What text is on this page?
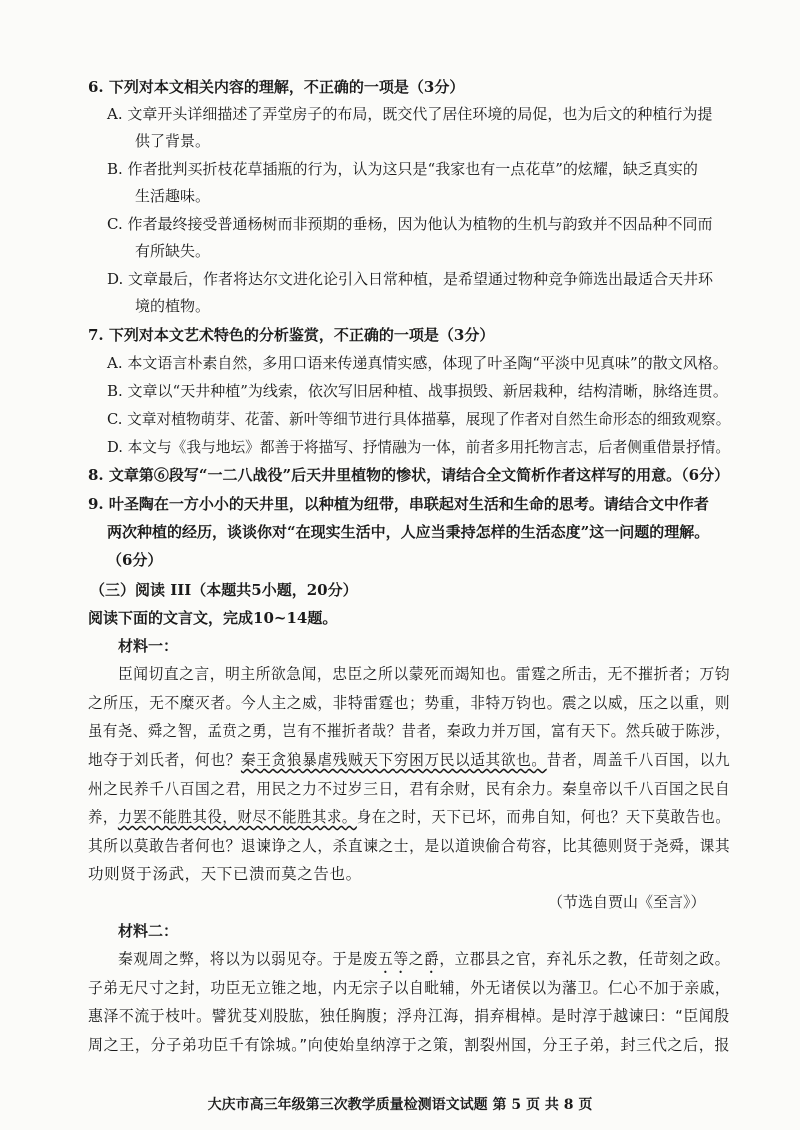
6. 下列对本文相关内容的理解，不正确的一项是（3分）
A. 文章开头详细描述了弄堂房子的布局，既交代了居住环境的局促，也为后文的种植行为提
供了背景。
B. 作者批判买折枝花草插瓶的行为，认为这只是“我家也有一点花草”的炫耀，缺乏真实的
生活趣味。
C. 作者最终接受普通杨树而非预期的垂杨，因为他认为植物的生机与韵致并不因品种不同而
有所缺失。
D. 文章最后，作者将达尔文进化论引入日常种植，是希望通过物种竞争筛选出最适合天井环
境的植物。
7. 下列对本文艺术特色的分析鉴赏，不正确的一项是（3分）
A. 本文语言朴素自然，多用口语来传递真情实感，体现了叶圣陶“平淡中见真味”的散文风格。
B. 文章以“天井种植”为线索，依次写旧居种植、战事损毁、新居栽种，结构清晰，脉络连贯。
C. 文章对植物萌芽、花蕾、新叶等细节进行具体描摹，展现了作者对自然生命形态的细致观察。
D. 本文与《我与地坛》都善于将描写、抒情融为一体，前者多用托物言志，后者侧重借景抒情。
8. 文章第⑥段写“一二八战役”后天井里植物的惨状，请结合全文简析作者这样写的用意。（6分）
9. 叶圣陶在一方小小的天井里，以种植为纽带，串联起对生活和生命的思考。请结合文中作者
两次种植的经历，谈谈你对“在现实生活中，人应当秉持怎样的生活态度”这一问题的理解。
（6分）
（三）阅读 III（本题共5小题，20分）
阅读下面的文言文，完成10~14题。
材料一：
臣闻切直之言，明主所欲急闻，忠臣之所以蒙死而竭知也。雷霆之所击，无不摧折者；万钧
之所压，无不糜灭者。今人主之威，非特雷霆也；势重，非特万钧也。震之以威，压之以重，则
虽有尧、舜之智，孟贲之勇，岂有不摧折者哉？昔者，秦政力并万国，富有天下。然兵破于陈涉，
地夺于刘氏者，何也？秦王贪狼暴虐残贼天下穷困万民以适其欲也。昔者，周盖千八百国，以九
州之民养千八百国之君，用民之力不过岁三日，君有余财，民有余力。秦皇帝以千八百国之民自
养，力罢不能胜其役，财尽不能胜其求。身在之时，天下已坏，而弗自知，何也？天下莫敢告也。
其所以莫敢告者何也？退谏诤之人，杀直谏之士，是以道谀偷合苟容，比其德则贤于尧舜，课其
功则贤于汤武，天下已溃而莫之告也。
（节选自贾山《至言》）
材料二：
秦观周之弊，将以为以弱见夺。于是废五等之爵，立郡县之官，弃礼乐之教，任苛刻之政。
子弟无尺寸之封，功臣无立锥之地，内无宗子以自毗辅，外无诸侯以为藩卫。仁心不加于亲戚，
惠泽不流于枝叶。譬犹芟刈股肱，独任胸腹；浮舟江海，捐弃楫棹。是时淳于越谏曰：“臣闻殷
周之王，分子弟功臣千有馀城。”向使始皇纳淳于之策，割裂州国，分王子弟，封三代之后，报
大庆市高三年级第三次教学质量检测语文试题 第 5 页 共 8 页
